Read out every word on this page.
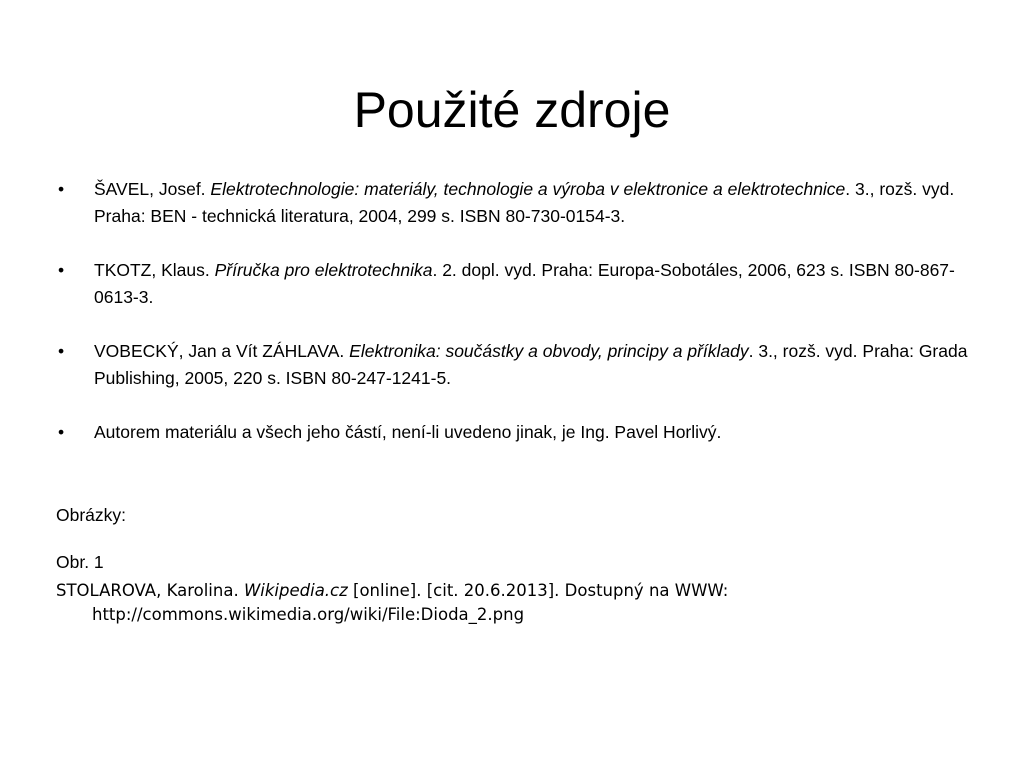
Použité zdroje
• ŠAVEL, Josef. Elektrotechnologie: materiály, technologie a výroba v elektronice a elektrotechnice. 3., rozš. vyd. Praha: BEN - technická literatura, 2004, 299 s. ISBN 80-730-0154-3.
• TKOTZ, Klaus. Příručka pro elektrotechnika. 2. dopl. vyd. Praha: Europa-Sobotáles, 2006, 623 s. ISBN 80-867-0613-3.
• VOBECKÝ, Jan a Vít ZÁHLAVA. Elektronika: součástky a obvody, principy a příklady. 3., rozš. vyd. Praha: Grada Publishing, 2005, 220 s. ISBN 80-247-1241-5.
• Autorem materiálu a všech jeho částí, není-li uvedeno jinak, je Ing. Pavel Horlivý.

Obrázky:

Obr. 1

STOLAROVA, Karolina. Wikipedia.cz [online]. [cit. 20.6.2013]. Dostupný na WWW: http://commons.wikimedia.org/wiki/File:Dioda_2.png
